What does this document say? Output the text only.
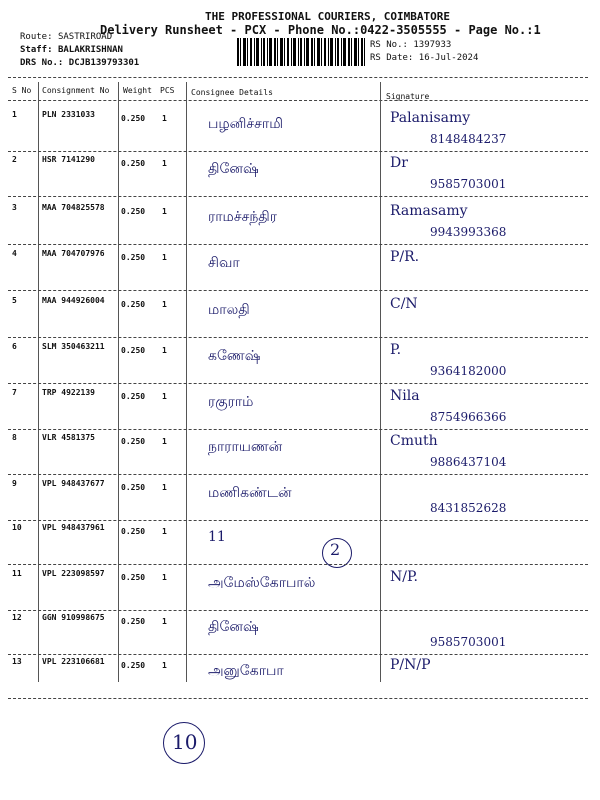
THE PROFESSIONAL COURIERS, COIMBATORE
Delivery Runsheet - PCX - Phone No.:0422-3505555 - Page No.:1
Route: SASTRIROAD
Staff: BALAKRISHNAN
DRS No.: DCJB139793301
RS No.: 1397933
RS Date: 16-Jul-2024
S No Consignment No Weight PCS Consignee Details	Signature
1	PLN 2331033	0.250 1	பழனிச்சாமி	Palanisamy
8148484237
2	HSR 7141290	0.250 1	தினேஷ்	Dr
9585703001
3	MAA 704825578 0.250 1	ராமச்சந்திர	Ramasamy
9943993368
4	MAA 704707976 0.250 1	சிவா	P/R.
5	MAA 944926004 0.250 1	மாலதி	C/N
6	SLM 350463211 0.250 1	கணேஷ்	P.
9364182000
7	TRP 4922139	0.250 1	ரகுராம்	Nila
8754966366
8	VLR 4581375	0.250 1	நாராயணன்	Cmuth
9886437104
9	VPL 948437677 0.250 1	மணிகண்டன்
8431852628
10	VPL 948437961 0.250 1	11
2
11	VPL 223098597 0.250 1	அமேஸ்கோபால்	N/P.
12	GGN 910998675 0.250 1	தினேஷ்
9585703001
13	VPL 223106681 0.250 1	அனுகோபா	P/N/P
10
